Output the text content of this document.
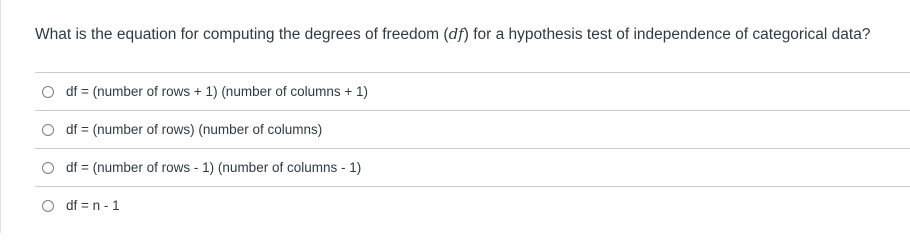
What is the equation for computing the degrees of freedom (df) for a hypothesis test of independence of categorical data?
df = (number of rows + 1) (number of columns + 1)
df = (number of rows) (number of columns)
df = (number of rows - 1) (number of columns - 1)
df = n - 1
